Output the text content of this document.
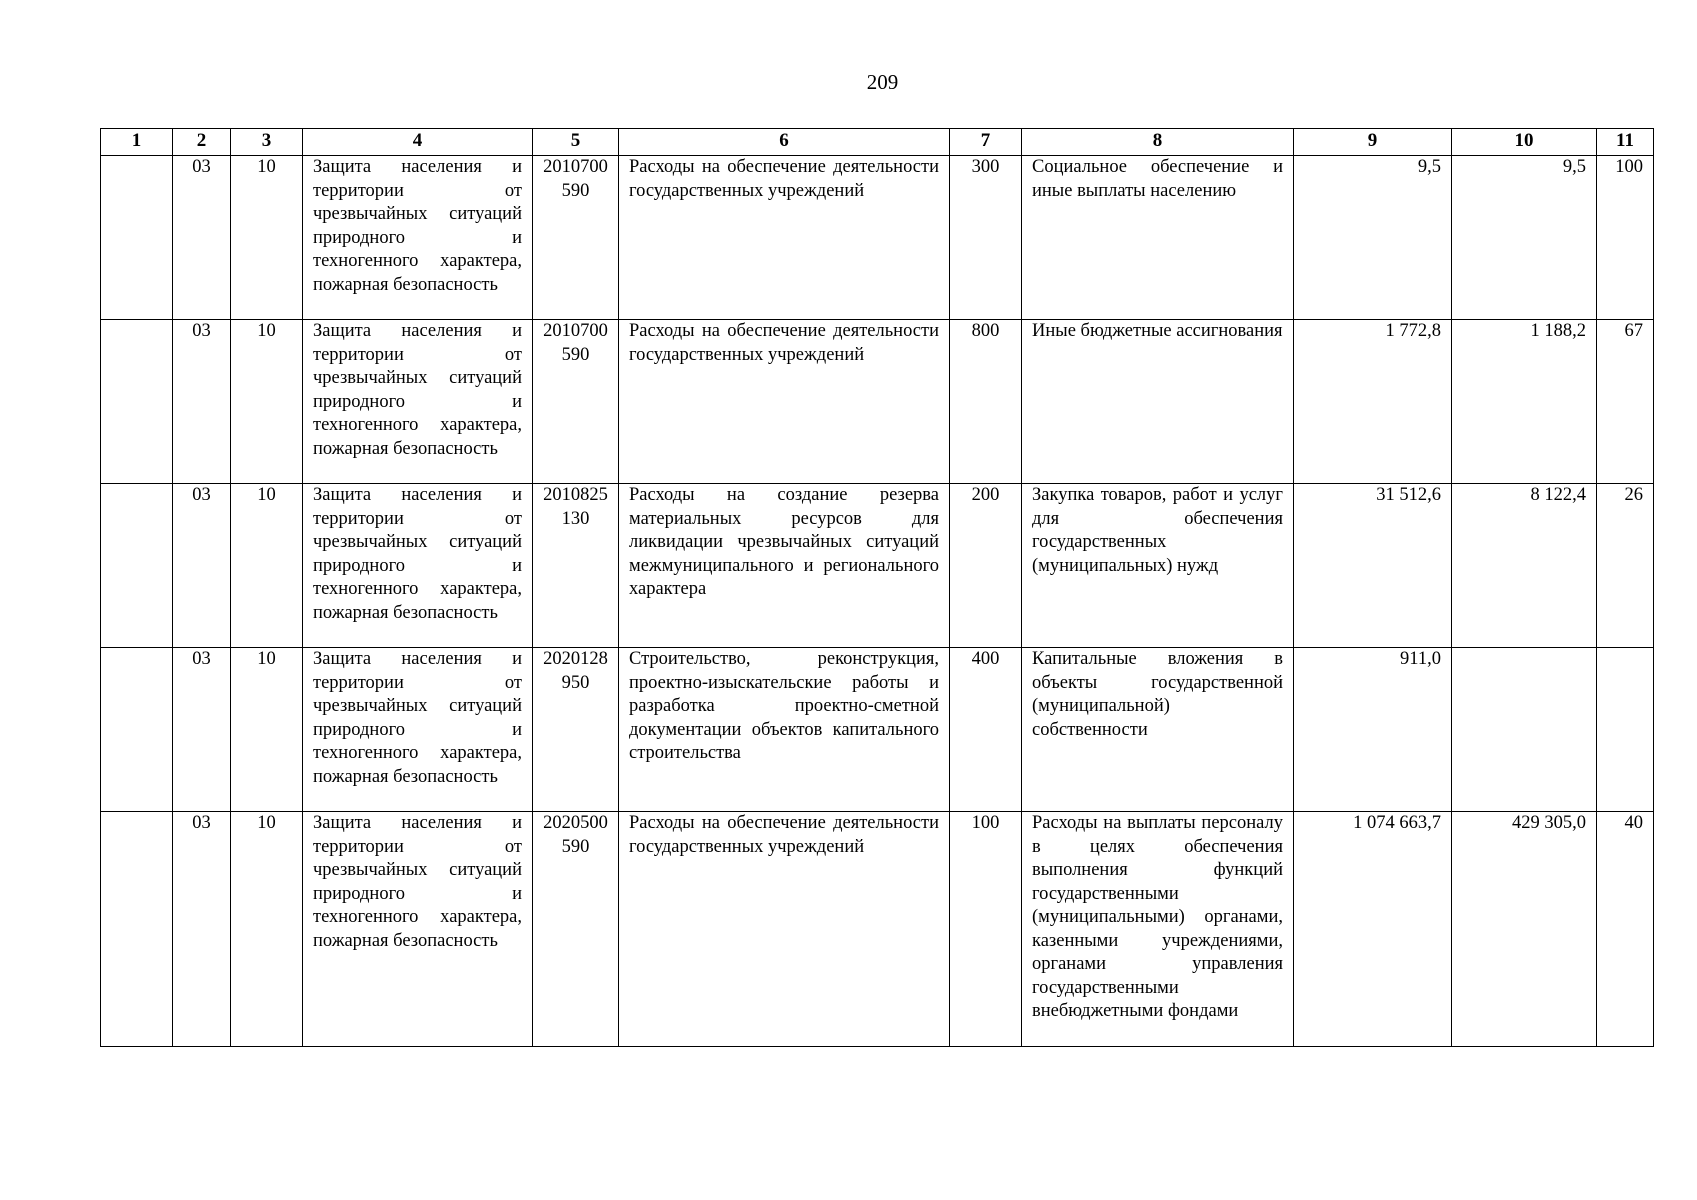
209
1	2	3	4	5	6	7	8	9	10	11
	03	10	Защита населения и территории от чрезвычайных ситуаций природного и техногенного характера, пожарная безопасность	2010700590	Расходы на обеспечение деятельности государственных учреждений	300	Социальное обеспечение и иные выплаты населению	9,5	9,5	100
	03	10	Защита населения и территории от чрезвычайных ситуаций природного и техногенного характера, пожарная безопасность	2010700590	Расходы на обеспечение деятельности государственных учреждений	800	Иные бюджетные ассигнования	1 772,8	1 188,2	67
	03	10	Защита населения и территории от чрезвычайных ситуаций природного и техногенного характера, пожарная безопасность	2010825130	Расходы на создание резерва материальных ресурсов для ликвидации чрезвычайных ситуаций межмуниципального и регионального характера	200	Закупка товаров, работ и услуг для обеспечения государственных (муниципальных) нужд	31 512,6	8 122,4	26
	03	10	Защита населения и территории от чрезвычайных ситуаций природного и техногенного характера, пожарная безопасность	2020128950	Строительство, реконструкция, проектно-изыскательские работы и разработка проектно-сметной документации объектов капитального строительства	400	Капитальные вложения в объекты государственной (муниципальной) собственности	911,0		
	03	10	Защита населения и территории от чрезвычайных ситуаций природного и техногенного характера, пожарная безопасность	2020500590	Расходы на обеспечение деятельности государственных учреждений	100	Расходы на выплаты персоналу в целях обеспечения выполнения функций государственными (муниципальными) органами, казенными учреждениями, органами управления государственными внебюджетными фондами	1 074 663,7	429 305,0	40
